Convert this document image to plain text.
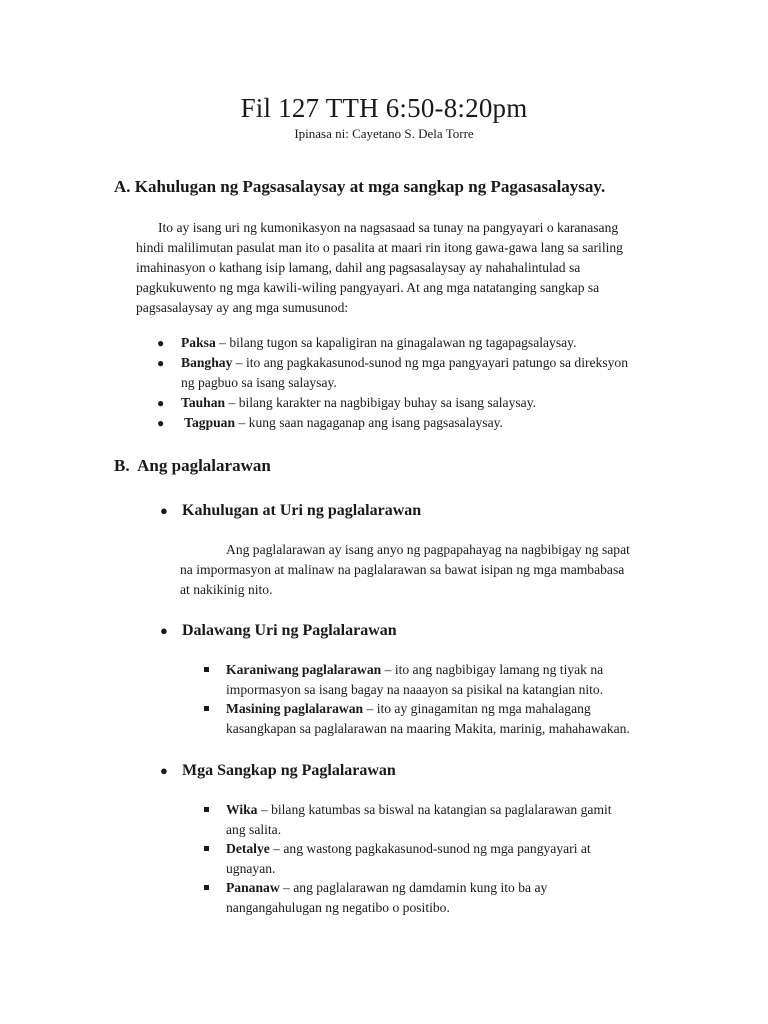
Fil 127 TTH 6:50-8:20pm

Ipinasa ni: Cayetano S. Dela Torre

A. Kahulugan ng Pagsasalaysay at mga sangkap ng Pagasasalaysay.
Ito ay isang uri ng kumonikasyon na nagsasaad sa tunay na pangyayari o karanasang
hindi malilimutan pasulat man ito o pasalita at maari rin itong gawa-gawa lang sa sariling
imahinasyon o kathang isip lamang, dahil ang pagsasalaysay ay nahahalintulad sa
pagkukuwento ng mga kawili-wiling pangyayari. At ang mga natatanging sangkap sa
pagsasalaysay ay ang mga sumusunod:
● Paksa – bilang tugon sa kapaligiran na ginagalawan ng tagapagsalaysay.
● Banghay – ito ang pagkakasunod-sunod ng mga pangyayari patungo sa direksyon
ng pagbuo sa isang salaysay.
● Tauhan – bilang karakter na nagbibigay buhay sa isang salaysay.
● Tagpuan – kung saan nagaganap ang isang pagsasalaysay.
B.  Ang paglalarawan
● Kahulugan at Uri ng paglalarawan
Ang paglalarawan ay isang anyo ng pagpapahayag na nagbibigay ng sapat
na impormasyon at malinaw na paglalarawan sa bawat isipan ng mga mambabasa
at nakikinig nito.
● Dalawang Uri ng Paglalarawan
Karaniwang paglalarawan – ito ang nagbibigay lamang ng tiyak na
impormasyon sa isang bagay na naaayon sa pisikal na katangian nito.
Masining paglalarawan – ito ay ginagamitan ng mga mahalagang
kasangkapan sa paglalarawan na maaring Makita, marinig, mahahawakan.
● Mga Sangkap ng Paglalarawan
Wika – bilang katumbas sa biswal na katangian sa paglalarawan gamit
ang salita.
Detalye – ang wastong pagkakasunod-sunod ng mga pangyayari at
ugnayan.
Pananaw – ang paglalarawan ng damdamin kung ito ba ay
nangangahulugan ng negatibo o positibo.
